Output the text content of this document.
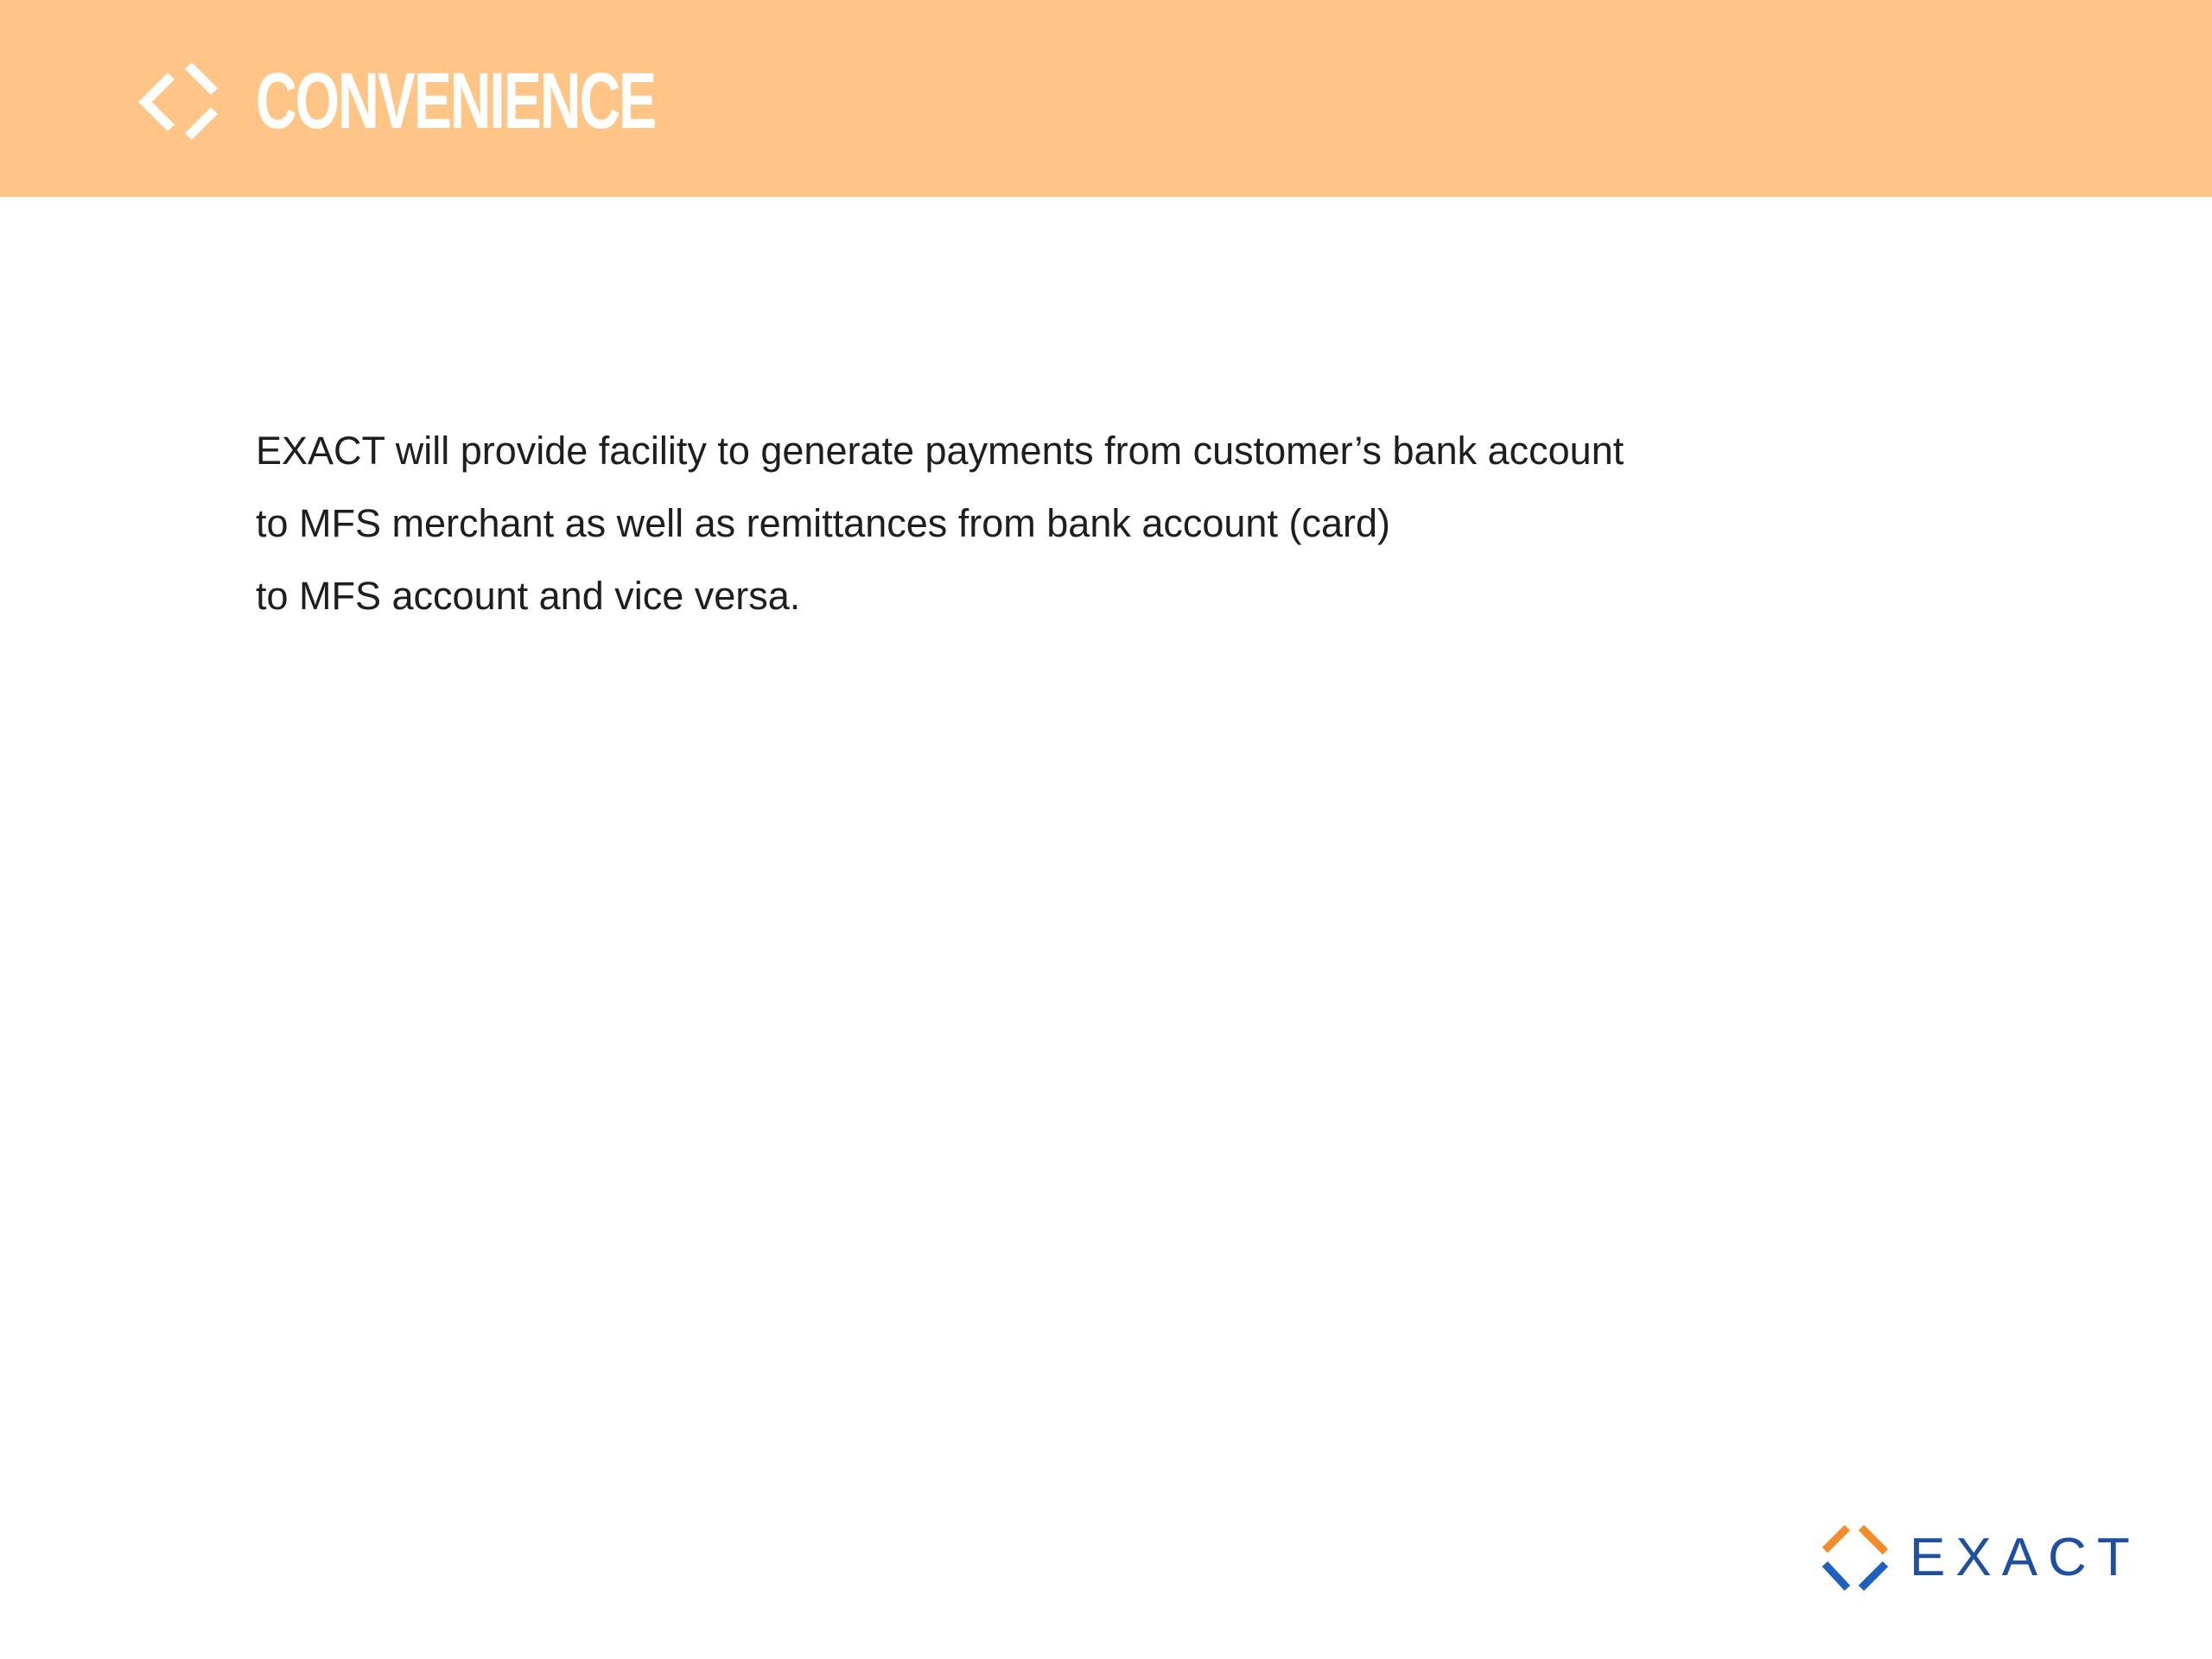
CONVENIENCE
EXACT will provide facility to generate payments from customer’s bank account
to MFS merchant as well as remittances from bank account (card)
to MFS account and vice versa.
EXACT
